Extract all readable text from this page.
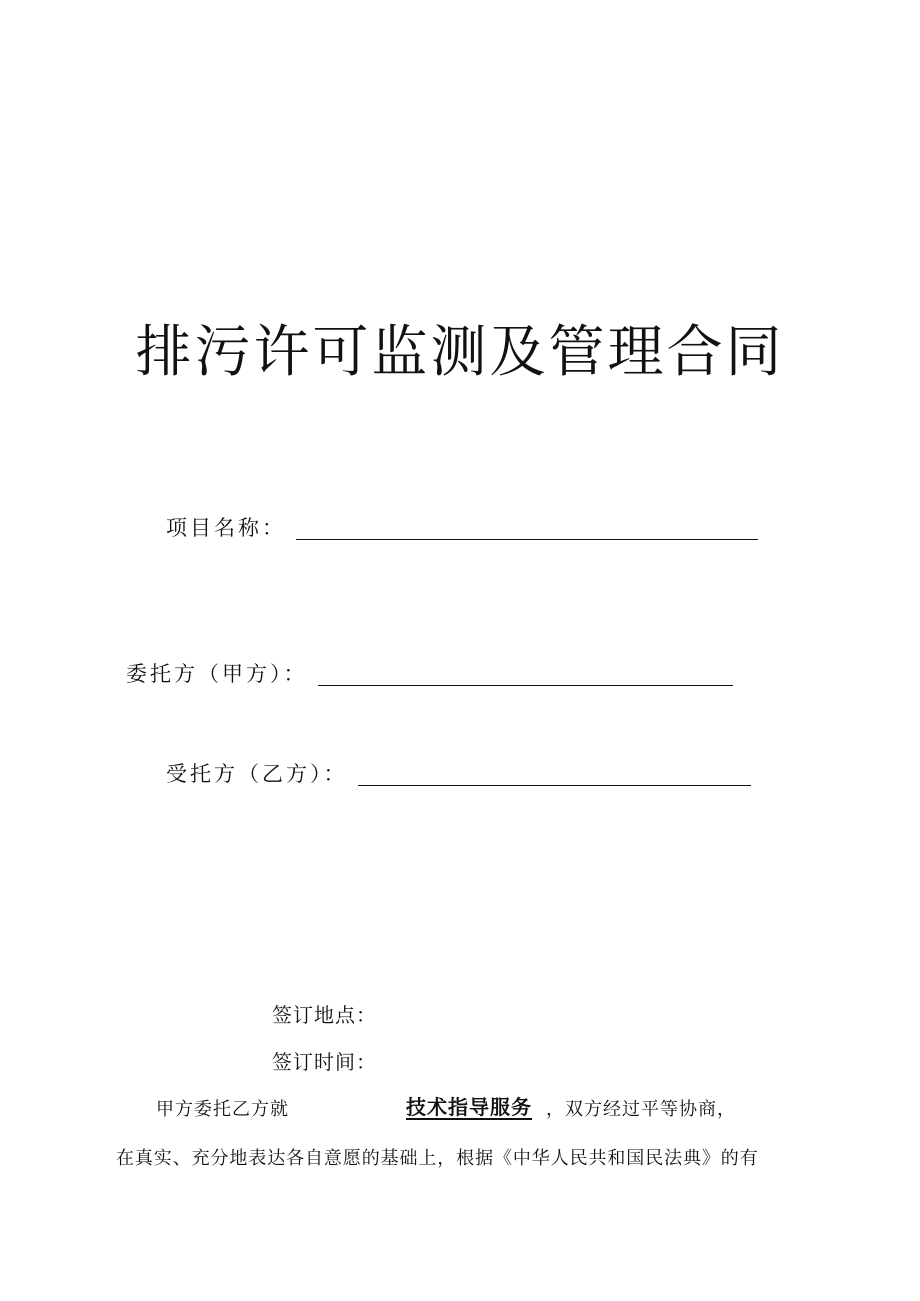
排污许可监测及管理合同
项目名称：
委托方（甲方）：
受托方（乙方）：
签订地点：
签订时间：
甲方委托乙方就	技术指导服务 ，双方经过平等协商，
在真实、充分地表达各自意愿的基础上，根据《中华人民共和国民法典》的有
